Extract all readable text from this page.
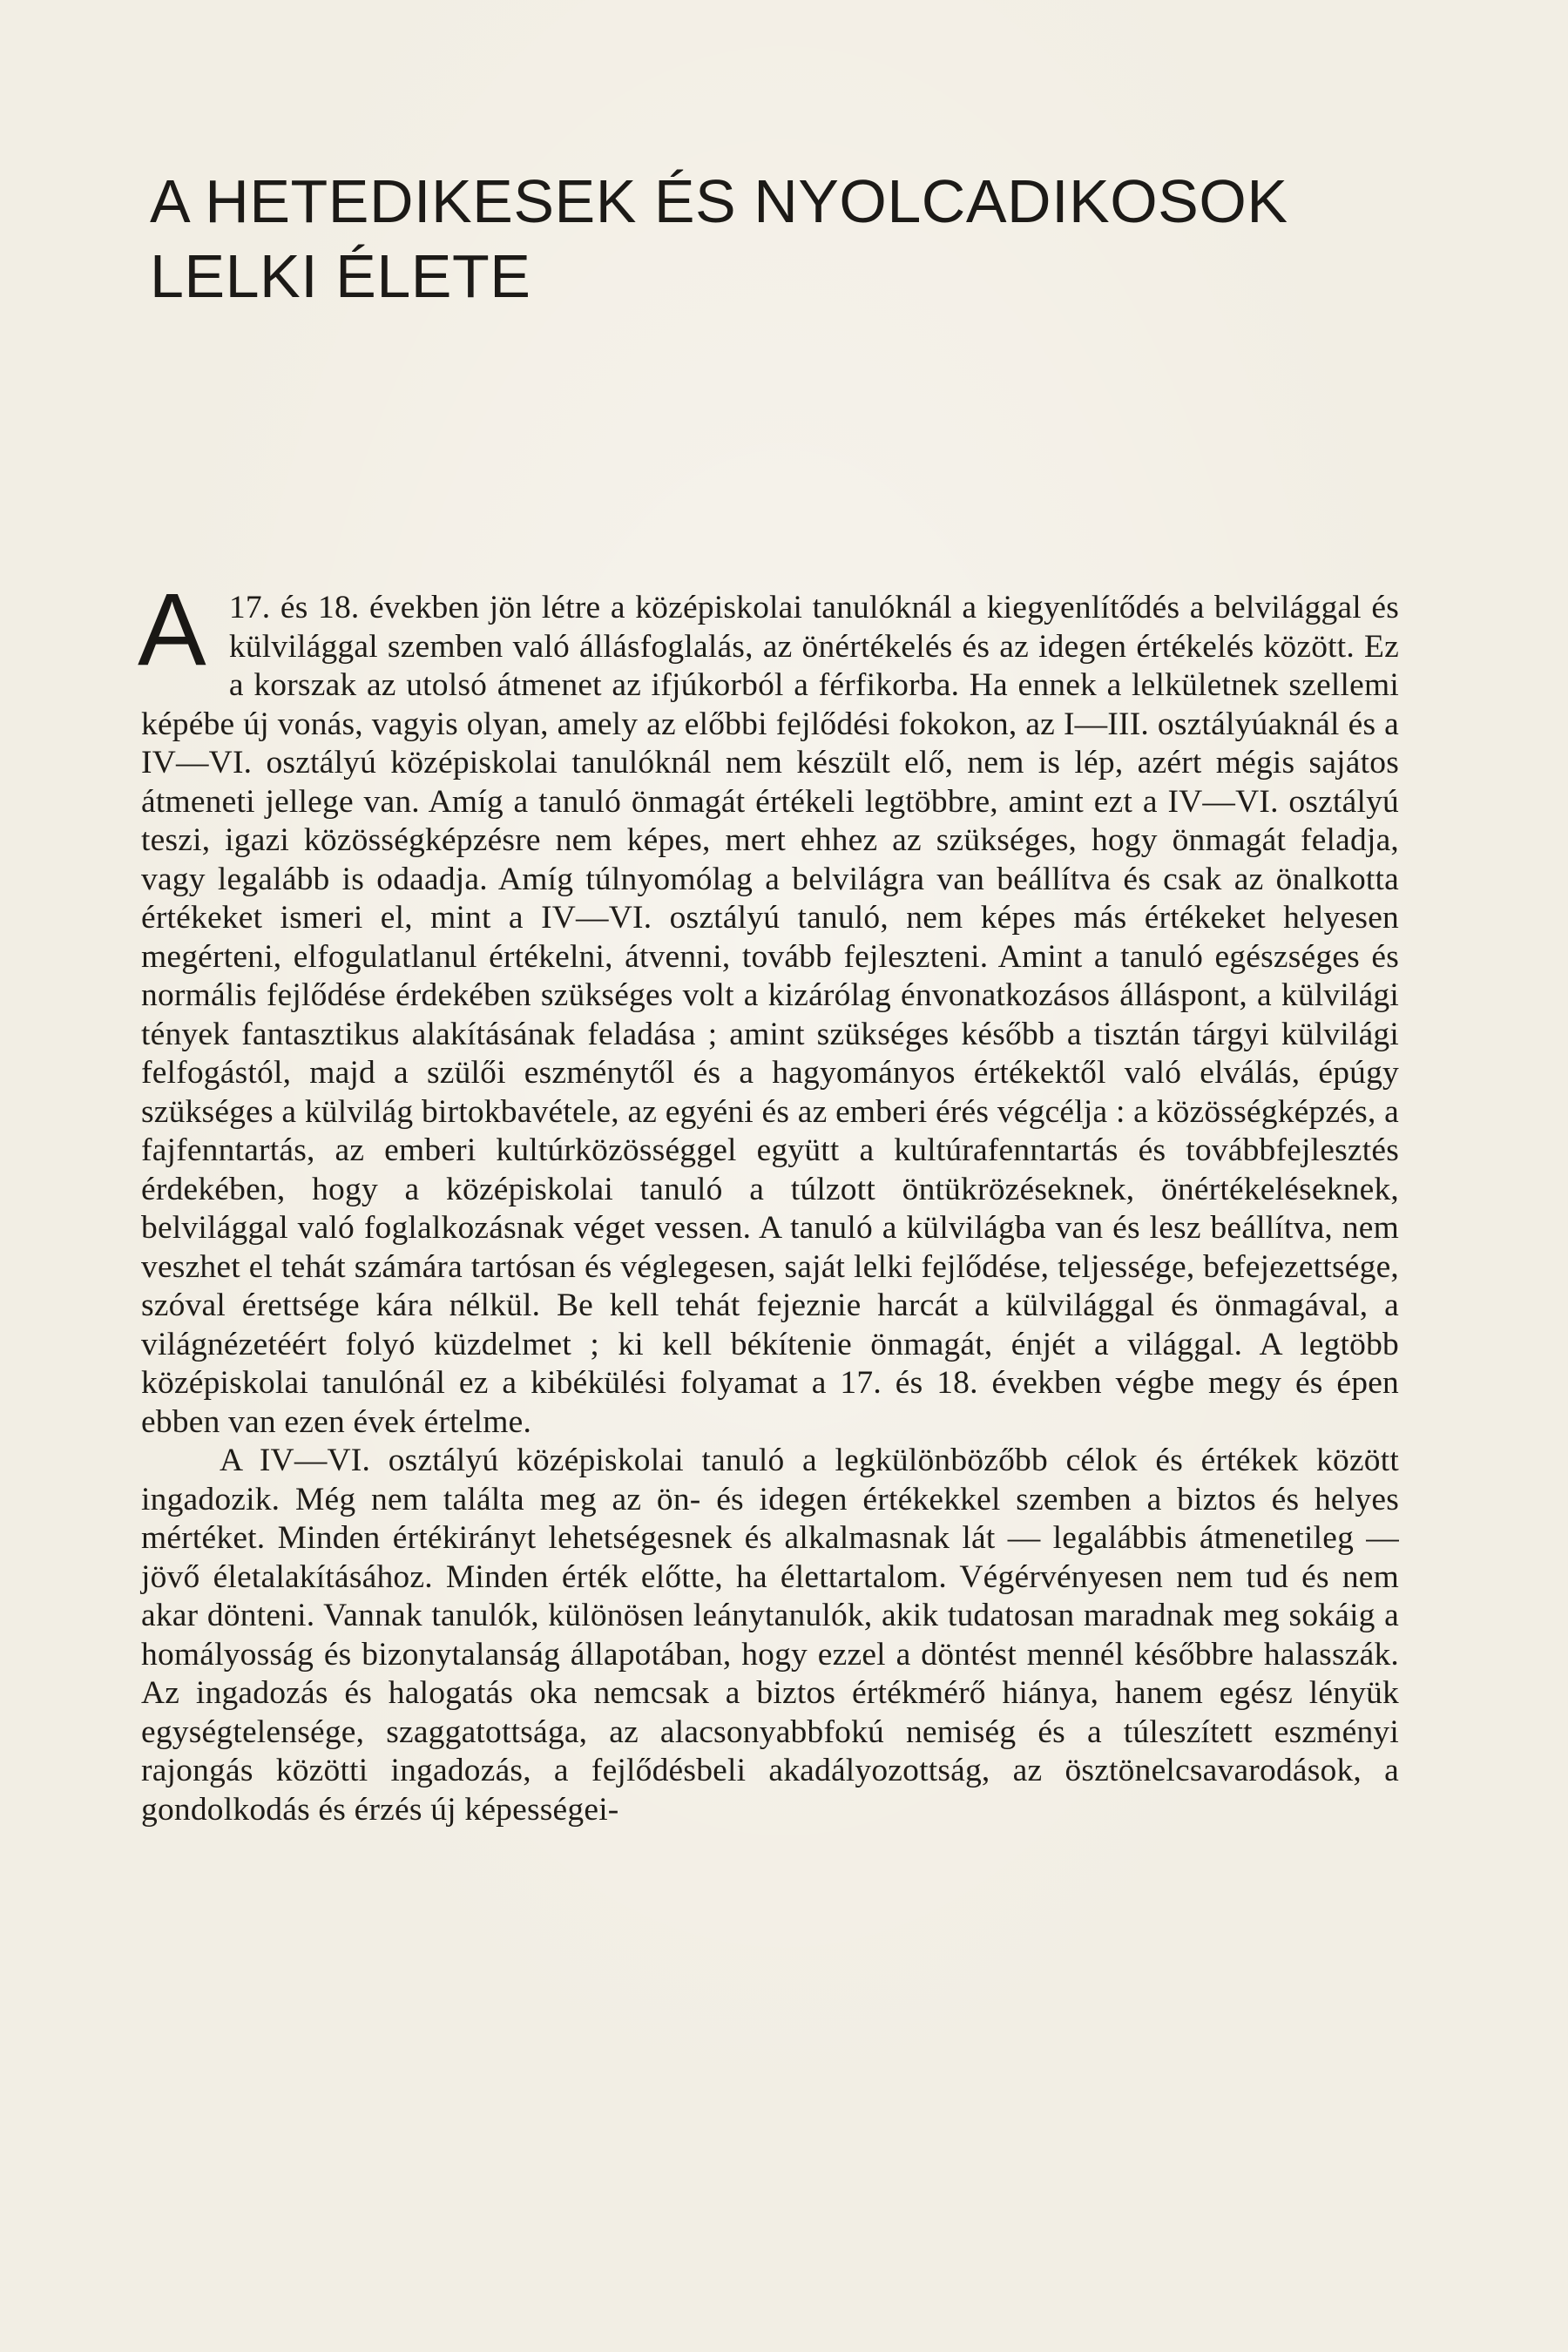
A HETEDIKESEK ÉS NYOLCADIKOSOK
LELKI ÉLETE

A 17. és 18. években jön létre a középiskolai tanulóknál a kiegyenlítődés a belvilággal és külvilággal szemben való állásfoglalás, az önértékelés és az idegen értékelés között. Ez a korszak az utolsó átmenet az ifjúkorból a férfikorba. Ha ennek a lelkületnek szellemi képébe új vonás, vagyis olyan, amely az előbbi fejlődési fokokon, az I—III. osztályúaknál és a IV—VI. osztályú középiskolai tanulóknál nem készült elő, nem is lép, azért mégis sajátos átmeneti jellege van. Amíg a tanuló önmagát értékeli legtöbbre, amint ezt a IV—VI. osztályú teszi, igazi közösségképzésre nem képes, mert ehhez az szükséges, hogy önmagát feladja, vagy legalább is odaadja. Amíg túlnyomólag a belvilágra van beállítva és csak az önalkotta értékeket ismeri el, mint a IV—VI. osztályú tanuló, nem képes más értékeket helyesen megérteni, elfogulatlanul értékelni, átvenni, tovább fejleszteni. Amint a tanuló egészséges és normális fejlődése érdekében szükséges volt a kizárólag énvonatkozásos álláspont, a külvilági tények fantasztikus alakításának feladása ; amint szükséges később a tisztán tárgyi külvilági felfogástól, majd a szülői eszménytől és a hagyományos értékektől való elválás, épúgy szükséges a külvilág birtokbavétele, az egyéni és az emberi érés végcélja : a közösségképzés, a fajfenntartás, az emberi kultúrközösséggel együtt a kultúrafenntartás és továbbfejlesztés érdekében, hogy a középiskolai tanuló a túlzott öntükrözéseknek, önértékeléseknek, belvilággal való foglalkozásnak véget vessen. A tanuló a külvilágba van és lesz beállítva, nem veszhet el tehát számára tartósan és véglegesen, saját lelki fejlődése, teljessége, befejezettsége, szóval érettsége kára nélkül. Be kell tehát fejeznie harcát a külvilággal és önmagával, a világnézetéért folyó küzdelmet ; ki kell békítenie önmagát, énjét a világgal. A legtöbb középiskolai tanulónál ez a kibékülési folyamat a 17. és 18. években végbe megy és épen ebben van ezen évek értelme.

A IV—VI. osztályú középiskolai tanuló a legkülönbözőbb célok és értékek között ingadozik. Még nem találta meg az ön- és idegen értékekkel szemben a biztos és helyes mértéket. Minden értékirányt lehetségesnek és alkalmasnak lát — legalábbis átmenetileg — jövő életalakításához. Minden érték előtte, ha élettartalom. Végérvényesen nem tud és nem akar dönteni. Vannak tanulók, különösen leánytanulók, akik tudatosan maradnak meg sokáig a homályosság és bizonytalanság állapotában, hogy ezzel a döntést mennél későbbre halasszák. Az ingadozás és halogatás oka nemcsak a biztos értékmérő hiánya, hanem egész lényük egységtelensége, szaggatottsága, az alacsonyabbfokú nemiség és a túleszített eszményi rajongás közötti ingadozás, a fejlődésbeli akadályozottság, az ösztönelcsavarodások, a gondolkodás és érzés új képességei-
